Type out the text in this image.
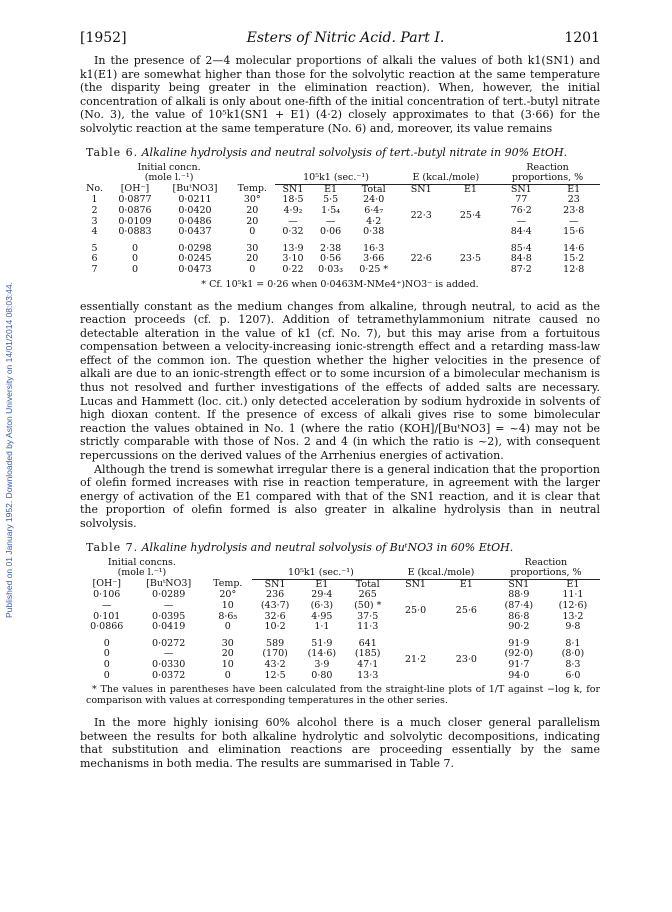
Published on 01 January 1952. Downloaded by Aston University on 14/01/2014 08:03:44.
[1952]	Esters of Nitric Acid. Part I.	1201

In the presence of 2—4 molecular proportions of alkali the values of both k1(SN1) and k1(E1) are somewhat higher than those for the solvolytic reaction at the same temperature (the disparity being greater in the elimination reaction). When, however, the initial concentration of alkali is only about one-fifth of the initial concentration of tert.-butyl nitrate (No. 3), the value of 10⁵k1(SN1 + E1) (4·2) closely approximates to that (3·66) for the solvolytic reaction at the same temperature (No. 6) and, moreover, its value remains

Table 6. Alkaline hydrolysis and neutral solvolysis of tert.-butyl nitrate in 90% EtOH.
	Initial concn.								Reaction	
	(mole l.⁻¹)			10⁵k1 (sec.⁻¹)			E (kcal./mole)		proportions, %	
No.	[OH⁻]	[BuᵗNO3]	Temp.	SN1	E1	Total	SN1	E1	SN1	E1
1	0·0877	0·0211	30°	18·5	5·5	24·0	22·3	25·4	77	23
2	0·0876	0·0420	20	4·9₂	1·5₄	6·4₇			76·2	23·8
3	0·0109	0·0486	20	—	—	4·2			—	—
4	0·0883	0·0437	0	0·32	0·06	0·38			84·4	15·6

5	0	0·0298	30	13·9	2·38	16·3	22·6	23·5	85·4	14·6
6	0	0·0245	20	3·10	0·56	3·66			84·8	15·2
7	0	0·0473	0	0·22	0·03₃	0·25 *			87·2	12·8
* Cf. 10⁵k1 = 0·26 when 0·0463M-NMe4⁺)NO3⁻ is added.

essentially constant as the medium changes from alkaline, through neutral, to acid as the reaction proceeds (cf. p. 1207). Addition of tetramethylammonium nitrate caused no detectable alteration in the value of k1 (cf. No. 7), but this may arise from a fortuitous compensation between a velocity-increasing ionic-strength effect and a retarding mass-law effect of the common ion. The question whether the higher velocities in the presence of alkali are due to an ionic-strength effect or to some incursion of a bimolecular mechanism is thus not resolved and further investigations of the effects of added salts are necessary. Lucas and Hammett (loc. cit.) only detected acceleration by sodium hydroxide in solvents of high dioxan content. If the presence of excess of alkali gives rise to some bimolecular reaction the values obtained in No. 1 (where the ratio (KOH]/[BuᵗNO3] = ~4) may not be strictly comparable with those of Nos. 2 and 4 (in which the ratio is ~2), with consequent repercussions on the derived values of the Arrhenius energies of activation.

Although the trend is somewhat irregular there is a general indication that the proportion of olefin formed increases with rise in reaction temperature, in agreement with the larger energy of activation of the E1 compared with that of the SN1 reaction, and it is clear that the proportion of olefin formed is also greater in alkaline hydrolysis than in neutral solvolysis.

Table 7. Alkaline hydrolysis and neutral solvolysis of BuᵗNO3 in 60% EtOH.
Initial concns.								Reaction	
(mole l.⁻¹)			10⁵k1 (sec.⁻¹)			E (kcal./mole)		proportions, %	
[OH⁻]	[BuᵗNO3]	Temp.	SN1	E1	Total	SN1	E1	SN1	E1
0·106	0·0289	20°	236	29·4	265	25·0	25·6	88·9	11·1
—	—	10	(43·7)	(6·3)	(50) *			(87·4)	(12·6)
0·101	0·0395	8·6₅	32·6	4·95	37·5			86·8	13·2
0·0866	0·0419	0	10·2	1·1	11·3			90·2	9·8

0	0·0272	30	589	51·9	641	21·2	23·0	91·9	8·1
0	—	20	(170)	(14·6)	(185)			(92·0)	(8·0)
0	0·0330	10	43·2	3·9	47·1			91·7	8·3
0	0·0372	0	12·5	0·80	13·3			94·0	6·0
* The values in parentheses have been calculated from the straight-line plots of 1/T against −log k, for comparison with values at corresponding temperatures in the other series.

In the more highly ionising 60% alcohol there is a much closer general parallelism between the results for both alkaline hydrolytic and solvolytic decompositions, indicating that substitution and elimination reactions are proceeding essentially by the same mechanisms in both media. The results are summarised in Table 7.
